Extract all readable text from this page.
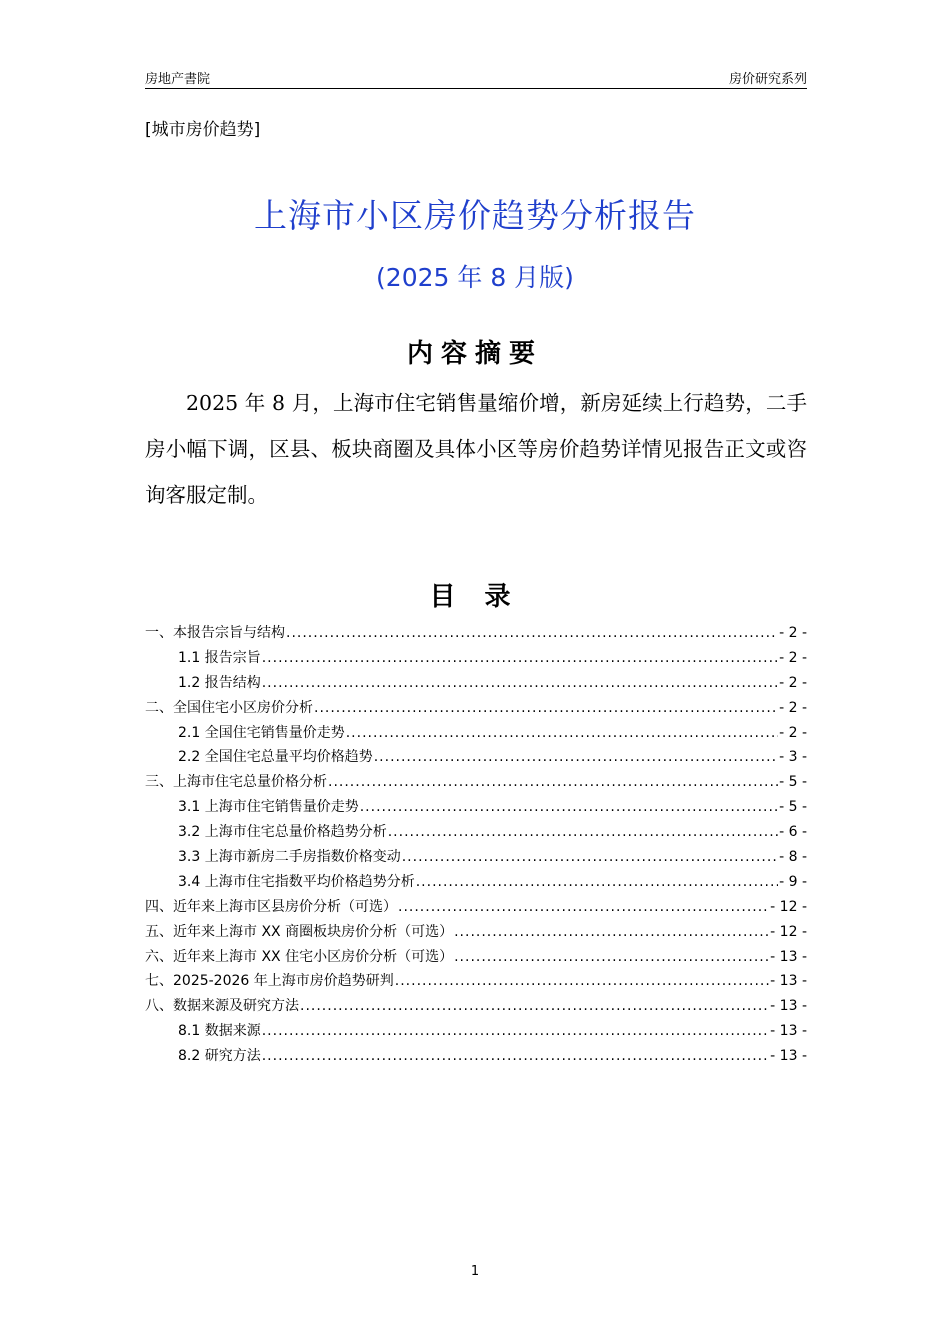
房地产書院	房价研究系列
[城市房价趋势]
上海市小区房价趋势分析报告
(2025 年 8 月版)
内容摘要
2025 年 8 月，上海市住宅销售量缩价增，新房延续上行趋势，二手房小幅下调，区县、板块商圈及具体小区等房价趋势详情见报告正文或咨询客服定制。
目 录
一、本报告宗旨与结构 .....	- 2 -
1.1 报告宗旨 .....	- 2 -
1.2 报告结构 .....	- 2 -
二、全国住宅小区房价分析 .....	- 2 -
2.1 全国住宅销售量价走势 .....	- 2 -
2.2 全国住宅总量平均价格趋势 .....	- 3 -
三、上海市住宅总量价格分析 .....	- 5 -
3.1 上海市住宅销售量价走势 .....	- 5 -
3.2 上海市住宅总量价格趋势分析 .....	- 6 -
3.3 上海市新房二手房指数价格变动 .....	- 8 -
3.4 上海市住宅指数平均价格趋势分析 .....	- 9 -
四、近年来上海市区县房价分析（可选） .....	- 12 -
五、近年来上海市 XX 商圈板块房价分析（可选） .....	- 12 -
六、近年来上海市 XX 住宅小区房价分析（可选） .....	- 13 -
七、2025-2026 年上海市房价趋势研判 .....	- 13 -
八、数据来源及研究方法 .....	- 13 -
8.1 数据来源 .....	- 13 -
8.2 研究方法 .....	- 13 -
1
